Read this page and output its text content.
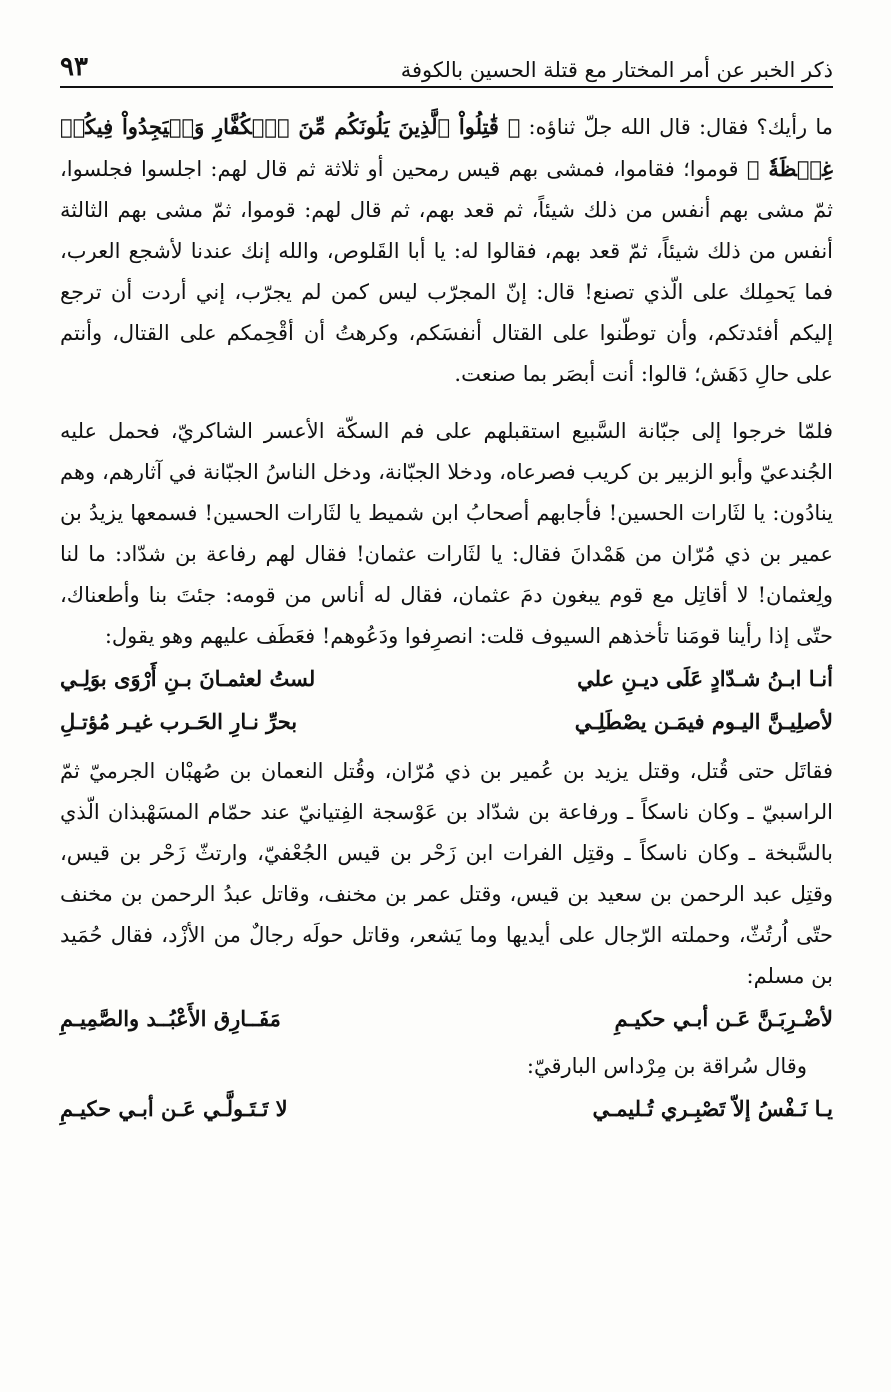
ذكر الخبر عن أمر المختار مع قتلة الحسين بالكوفة
٩٣

ما رأيك؟ فقال: قال الله جلّ ثناؤه: ﴿ قَٰتِلُواْ ٱلَّذِينَ يَلُونَكُم مِّنَ ٱلۡكُفَّارِ وَلۡيَجِدُواْ فِيكُمۡ غِلۡظَةٗ ﴾ قوموا؛ فقاموا، فمشى بهم قيس رمحين أو ثلاثة ثم قال لهم: اجلسوا فجلسوا، ثمّ مشى بهم أنفس من ذلك شيئاً، ثم قعد بهم، ثم قال لهم: قوموا، ثمّ مشى بهم الثالثة أنفس من ذلك شيئاً، ثمّ قعد بهم، فقالوا له: يا أبا القَلوص، والله إنك عندنا لأشجع العرب، فما يَحمِلك على الّذي تصنع! قال: إنّ المجرّب ليس كمن لم يجرّب، إني أردت أن ترجع إليكم أفئدتكم، وأن توطّنوا على القتال أنفسَكم، وكرهتُ أن أقْحِمكم على القتال، وأنتم على حالِ دَهَش؛ قالوا: أنت أبصَر بما صنعت.

فلمّا خرجوا إلى جبّانة السَّبيع استقبلهم على فم السكّة الأعسر الشاكريّ، فحمل عليه الجُندعيّ وأبو الزبير بن كريب فصرعاه، ودخلا الجبّانة، ودخل الناسُ الجبّانة في آثارهم، وهم ينادُون: يا لثَارات الحسين! فأجابهم أصحابُ ابن شميط يا لثَارات الحسين! فسمعها يزيدُ بن عمير بن ذي مُرّان من هَمْدانَ فقال: يا لثَارات عثمان! فقال لهم رفاعة بن شدّاد: ما لنا ولِعثمان! لا أقاتِل مع قوم يبغون دمَ عثمان، فقال له أناس من قومه: جئتَ بنا وأطعناك، حتّى إذا رأينا قومَنا تأخذهم السيوف قلت: انصرِفوا ودَعُوهم! فعَطَف عليهم وهو يقول:

أنـا ابـنُ شـدّادٍ عَلَى ديـنِ علي
لستُ لعثمـانَ بـنِ أَرْوَى بوَلِـي
لأصلِيـنَّ اليـوم فيمَـن يصْطَلِـي
بحرِّ نـارِ الحَـرب غيـر مُؤتـلِ

فقاتَل حتى قُتل، وقتل يزيد بن عُمير بن ذي مُرّان، وقُتل النعمان بن صُهبْان الجرميّ ثمّ الراسبيّ ـ وكان ناسكاً ـ ورفاعة بن شدّاد بن عَوْسجة الفِتيانيّ عند حمّام المسَهْبذان الّذي بالسَّبخة ـ وكان ناسكاً ـ وقتِل الفرات ابن زَحْر بن قيس الجُعْفيّ، وارتثّ زَحْر بن قيس، وقتِل عبد الرحمن بن سعيد بن قيس، وقتل عمر بن مخنف، وقاتل عبدُ الرحمن بن مخنف حتّى اُرتُثّ، وحملته الرّجال على أيديها وما يَشعر، وقاتل حولَه رجالٌ من الأزْد، فقال حُمَيد بن مسلم:

لأضْـرِبَـنَّ عَـن أبـي حكيـمِ
مَفَــارِق الأَعْبُــد والصَّمِيـمِ

وقال سُراقة بن مِرْداس البارقيّ:

يـا نَـفْسُ إلاّ تَصْبِـري تُـليمـي
لا تَـتَـولَّـي عَـن أبـي حكيـمِ
